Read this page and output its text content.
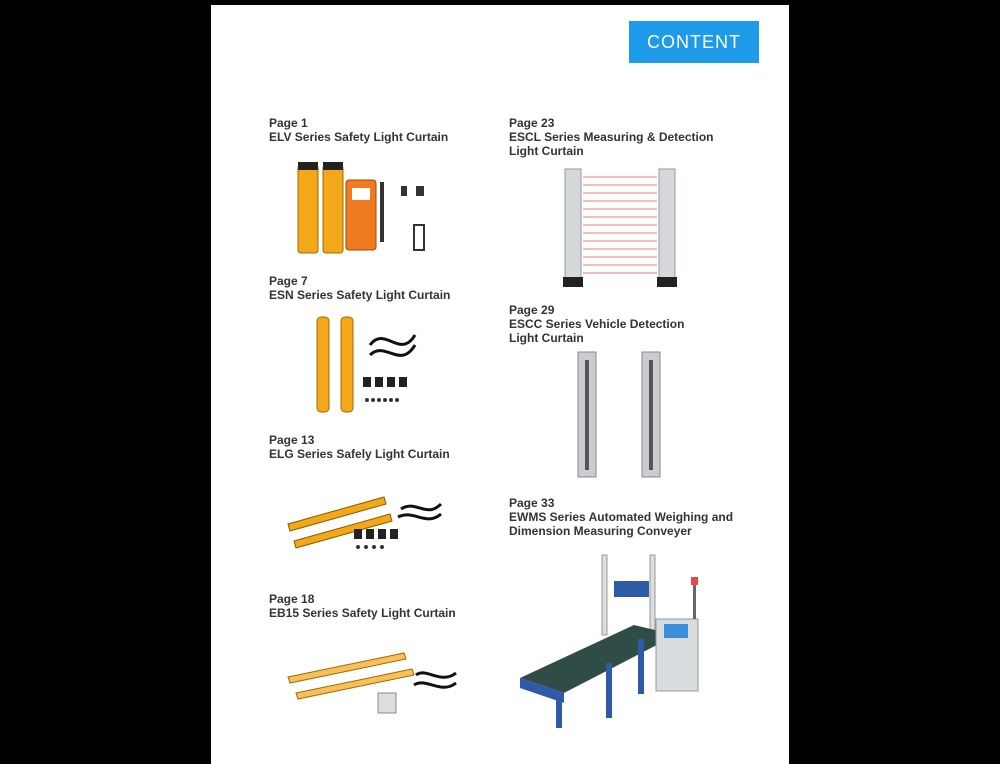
CONTENT
Page 1
ELV Series Safety Light Curtain
Page 7
ESN Series Safety Light Curtain
Page 13
ELG Series Safely Light Curtain
Page 18
EB15 Series Safety Light Curtain
Page 23
ESCL Series Measuring & Detection
Light Curtain
Page 29
ESCC Series Vehicle Detection
Light Curtain
Page 33
EWMS Series Automated Weighing and
Dimension Measuring Conveyer
